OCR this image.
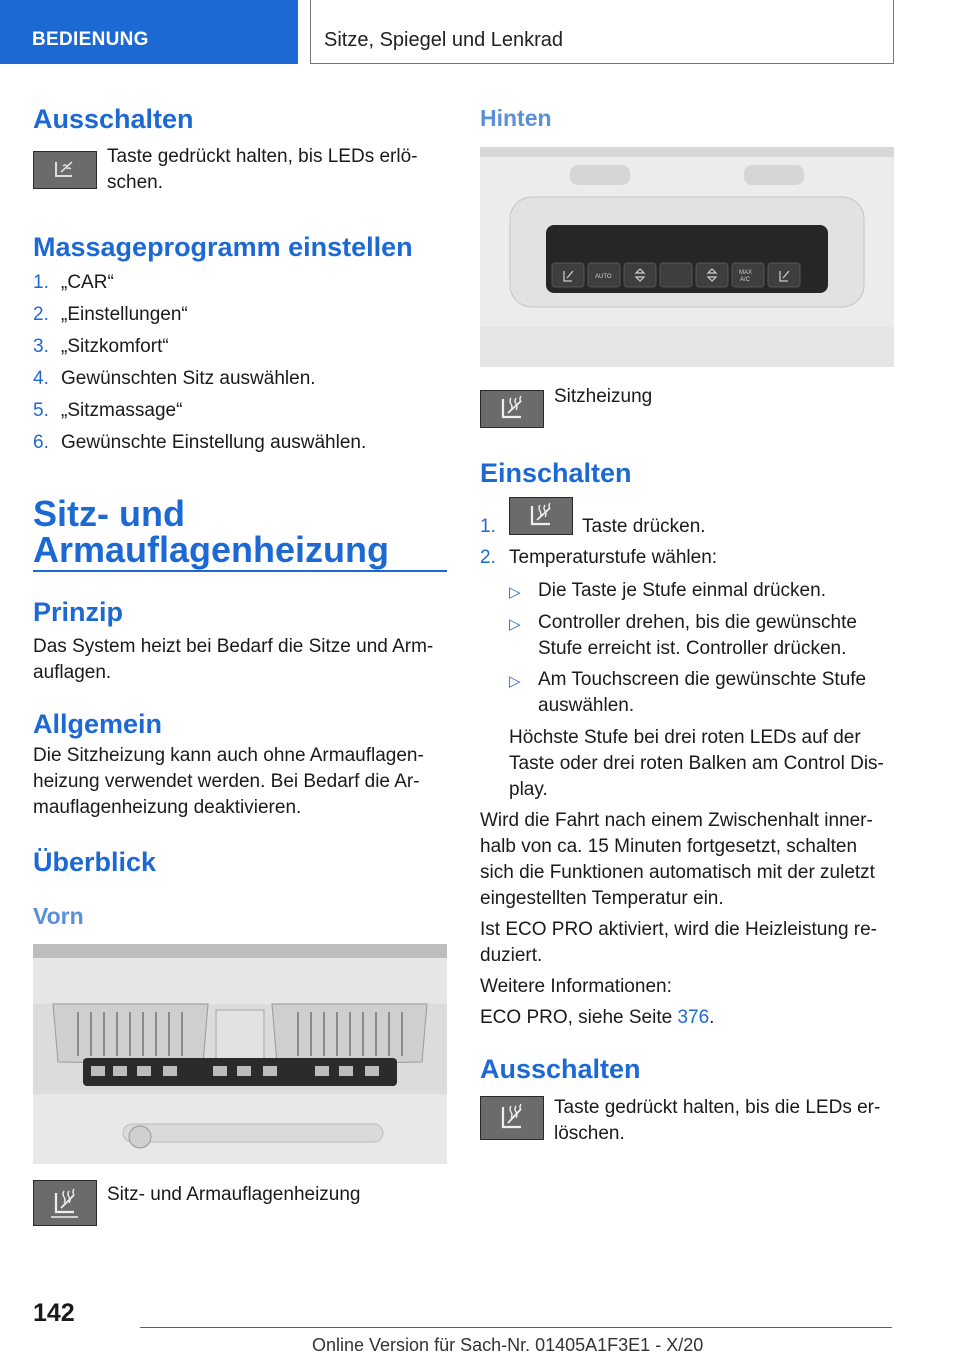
BEDIENUNG	Sitze, Spiegel und Lenkrad
Ausschalten

Taste gedrückt halten, bis LEDs erlö-

schen.

Massageprogramm einstellen

1. „CAR“

2. „Einstellungen“

3. „Sitzkomfort“

4. Gewünschten Sitz auswählen.

5. „Sitzmassage“

6. Gewünschte Einstellung auswählen.

Sitz- und
Armauflagenheizung
Prinzip

Das System heizt bei Bedarf die Sitze und Arm-

auflagen.

Allgemein

Die Sitzheizung kann auch ohne Armauflagen-

heizung verwendet werden. Bei Bedarf die Ar-

mauflagenheizung deaktivieren.

Überblick
Vorn

Sitz- und Armauflagenheizung

Hinten
AUTO
MAX
A/C

Sitzheizung

Einschalten

1.	Taste drücken.

2. Temperaturstufe wählen:

▷ Die Taste je Stufe einmal drücken.

▷ Controller drehen, bis die gewünschte

Stufe erreicht ist. Controller drücken.

▷ Am Touchscreen die gewünschte Stufe

auswählen.

Höchste Stufe bei drei roten LEDs auf der

Taste oder drei roten Balken am Control Dis-

play.

Wird die Fahrt nach einem Zwischenhalt inner-

halb von ca. 15 Minuten fortgesetzt, schalten

sich die Funktionen automatisch mit der zuletzt

eingestellten Temperatur ein.

Ist ECO PRO aktiviert, wird die Heizleistung re-

duziert.

Weitere Informationen:

ECO PRO, siehe Seite 376.

Ausschalten

Taste gedrückt halten, bis die LEDs er-

löschen.

142
Online Version für Sach-Nr. 01405A1F3E1 - X/20
